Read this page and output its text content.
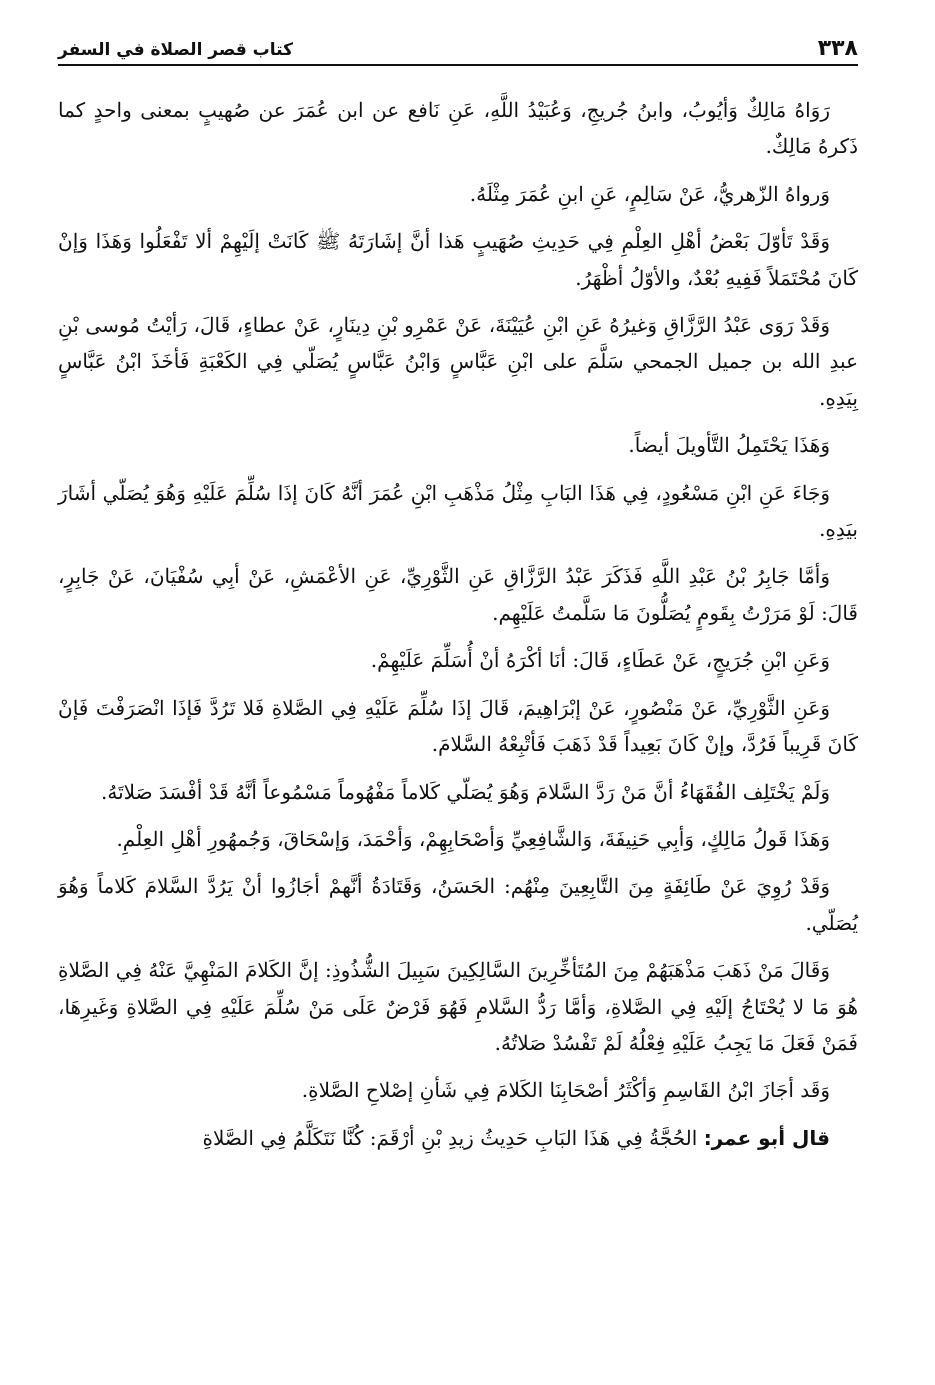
٣٣٨
كتاب قصر الصلاة في السفر

رَوَاهُ مَالِكٌ وَأيُوبُ، وابنُ جُريجِ، وَعُبَيْدُ اللَّهِ، عَنِ نَافع عن ابن عُمَرَ عن صُهيبٍ بمعنى واحدٍ كما ذَكرهُ مَالِكٌ.

وَرواهُ الزّهريُّ، عَنْ سَالِمٍ، عَنِ ابنِ عُمَرَ مِثْلَهُ.

وَقَدْ تَأوّلَ بَعْضُ أهْلِ العِلْمِ فِي حَدِيثِ صُهَيبٍ هَذا أنَّ إشَارَتَهُ ﷺ كَانَتْ إلَيْهِمْ ألا تَفْعَلُوا وَهَذَا وَإنْ كَانَ مُحْتَمَلاً فَفِيهِ بُعْدٌ، والأوّلُ أظْهَرُ.

وَقَدْ رَوَى عَبْدُ الرَّزَّاقِ وَغيرُهُ عَنِ ابْنِ عُيَيْنَةَ، عَنْ عَمْرِو بْنِ دِينَارٍ، عَنْ عطاءٍ، قَالَ، رَأيْتُ مُوسى بْنِ عبدِ الله بن جميل الجمحي سَلَّمَ على ابْنِ عَبَّاسٍ وَابْنُ عَبَّاسٍ يُصَلّي فِي الكَعْبَةِ فَأخَذَ ابْنُ عَبَّاسٍ بِيَدِهِ.

وَهَذَا يَحْتَمِلُ التَّأويلَ أيضاً.

وَجَاءَ عَنِ ابْنِ مَسْعُودٍ، فِي هَذَا البَابِ مِثْلُ مَذْهَبِ ابْنِ عُمَرَ أنَّهُ كَانَ إذَا سُلِّمَ عَلَيْهِ وَهُوَ يُصَلّي أشَارَ بيَدِهِ.

وَأمَّا جَابِرُ بْنُ عَبْدِ اللَّهِ فَذَكَرَ عَبْدُ الرَّزَّاقِ عَنِ الثَّوْرِيِّ، عَنِ الأعْمَشِ، عَنْ أبِي سُفْيَانَ، عَنْ جَابِرٍ، قَالَ: لَوْ مَرَرْتُ بِقَومٍ يُصَلُّونَ مَا سَلَّمتُ عَلَيْهِم.

وَعَنِ ابْنِ جُرَيجٍ، عَنْ عَطَاءٍ، قَالَ: أنَا أكْرَهُ أنْ أُسَلِّمَ عَلَيْهِمْ.

وَعَنِ الثَّوْرِيِّ، عَنْ مَنْصُورٍ، عَنْ إبْرَاهِيمَ، قَالَ إذَا سُلِّمَ عَلَيْهِ فِي الصَّلاةِ فَلا تَرُدَّ فَإذَا انْصَرَفْتَ فَإنْ كَانَ قَرِيباً فَرُدَّ، وإنْ كَانَ بَعِيداً قَدْ ذَهَبَ فَأتْبِعْهُ السَّلامَ.

وَلَمْ يَخْتَلِف الفُقَهَاءُ أنَّ مَنْ رَدَّ السَّلامَ وَهُوَ يُصَلّي كَلاماً مَفْهُوماً مَسْمُوعاً أنَّهُ قَدْ أفْسَدَ صَلاتَهُ.

وَهَذَا قَولُ مَالِكٍ، وَأبِي حَنِيفَةَ، وَالشَّافِعِيِّ وَأصْحَابِهِمْ، وَأحْمَدَ، وَإسْحَاقَ، وَجُمهُورِ أهْلِ العِلْمِ.

وَقَدْ رُوِيَ عَنْ طَائِفَةٍ مِنَ التَّابِعِينَ مِنْهُم: الحَسَنُ، وَقَتَادَةُ أنَّهمْ أجَازُوا أنْ يَرُدَّ السَّلامَ كَلاماً وَهُوَ يُصَلّي.

وَقَالَ مَنْ ذَهَبَ مَذْهَبَهُمْ مِنَ المُتَأخِّرِينَ السَّالِكِينَ سَبِيلَ الشُّذُوذِ: إنَّ الكَلامَ المَنْهِيَّ عَنْهُ فِي الصَّلاةِ هُوَ مَا لا يُحْتَاجُ إلَيْهِ فِي الصَّلاةِ، وَأمَّا رَدُّ السَّلامِ فَهُوَ فَرْضٌ عَلَى مَنْ سُلِّمَ عَلَيْهِ فِي الصَّلاةِ وَغَيرِهَا، فَمَنْ فَعَلَ مَا يَجِبُ عَلَيْهِ فِعْلُهُ لَمْ تَفْسُدْ صَلاتُهُ.

وَقَد أجَازَ ابْنُ القَاسِمِ وَأكْثَرُ أصْحَابِنَا الكَلامَ فِي شَأنِ إصْلاحِ الصَّلاةِ.

قال أبو عمر: الحُجَّةُ فِي هَذَا البَابِ حَدِيثُ زيدِ بْنِ أرْقَمَ: كُنَّا نَتَكَلَّمُ فِي الصَّلاةِ
